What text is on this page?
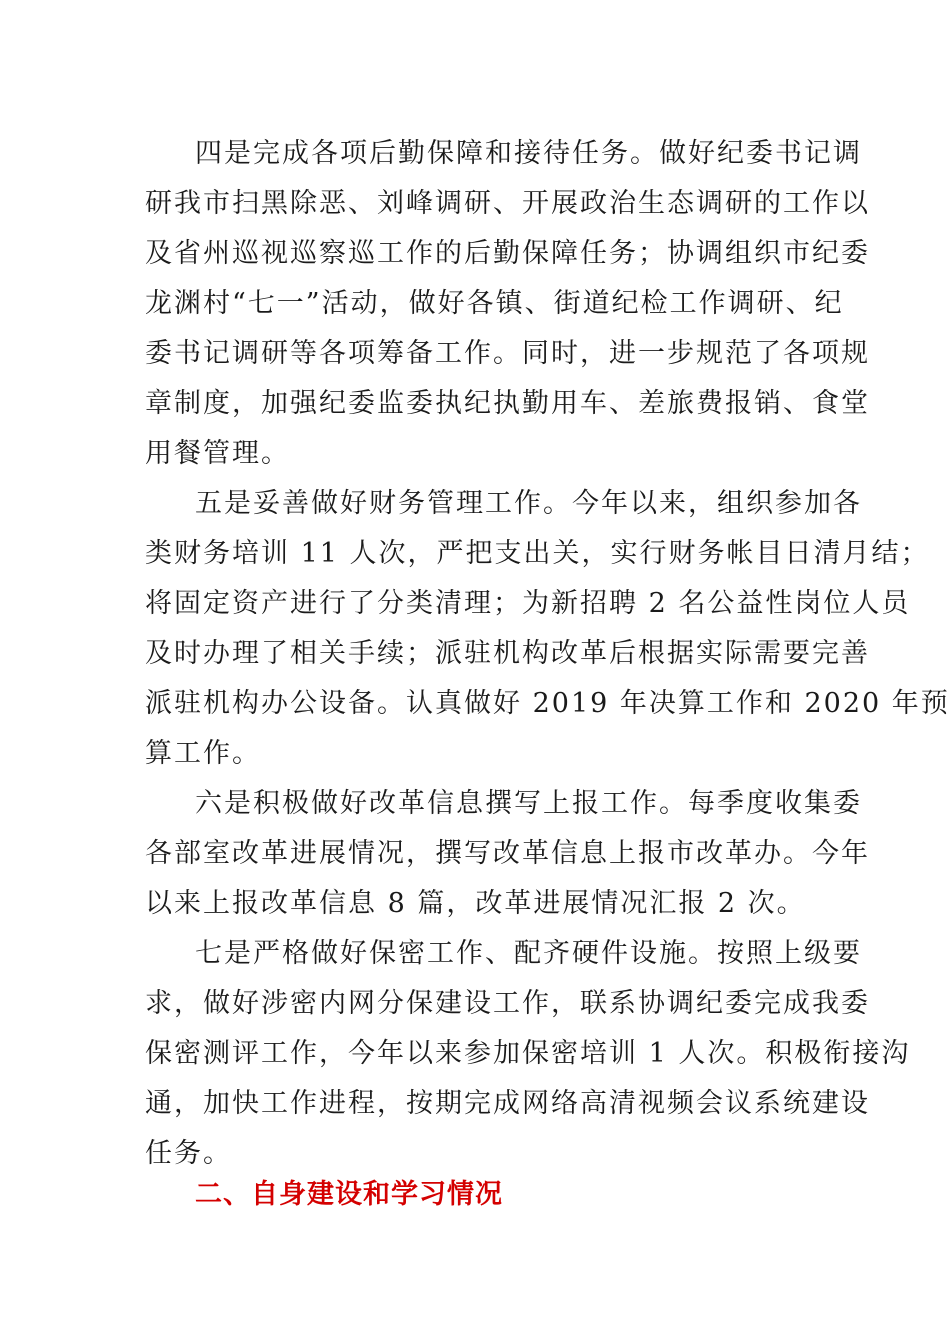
四是完成各项后勤保障和接待任务。做好纪委书记调
研我市扫黑除恶、刘峰调研、开展政治生态调研的工作以
及省州巡视巡察巡工作的后勤保障任务；协调组织市纪委
龙渊村“七一”活动，做好各镇、街道纪检工作调研、纪
委书记调研等各项筹备工作。同时，进一步规范了各项规
章制度，加强纪委监委执纪执勤用车、差旅费报销、食堂
用餐管理。
五是妥善做好财务管理工作。今年以来，组织参加各
类财务培训 11 人次，严把支出关，实行财务帐目日清月结；
将固定资产进行了分类清理；为新招聘 2 名公益性岗位人员
及时办理了相关手续；派驻机构改革后根据实际需要完善
派驻机构办公设备。认真做好 2019 年决算工作和 2020 年预
算工作。
六是积极做好改革信息撰写上报工作。每季度收集委
各部室改革进展情况，撰写改革信息上报市改革办。今年
以来上报改革信息 8 篇，改革进展情况汇报 2 次。
七是严格做好保密工作、配齐硬件设施。按照上级要
求，做好涉密内网分保建设工作，联系协调纪委完成我委
保密测评工作，今年以来参加保密培训 1 人次。积极衔接沟
通，加快工作进程，按期完成网络高清视频会议系统建设
任务。
二、自身建设和学习情况
